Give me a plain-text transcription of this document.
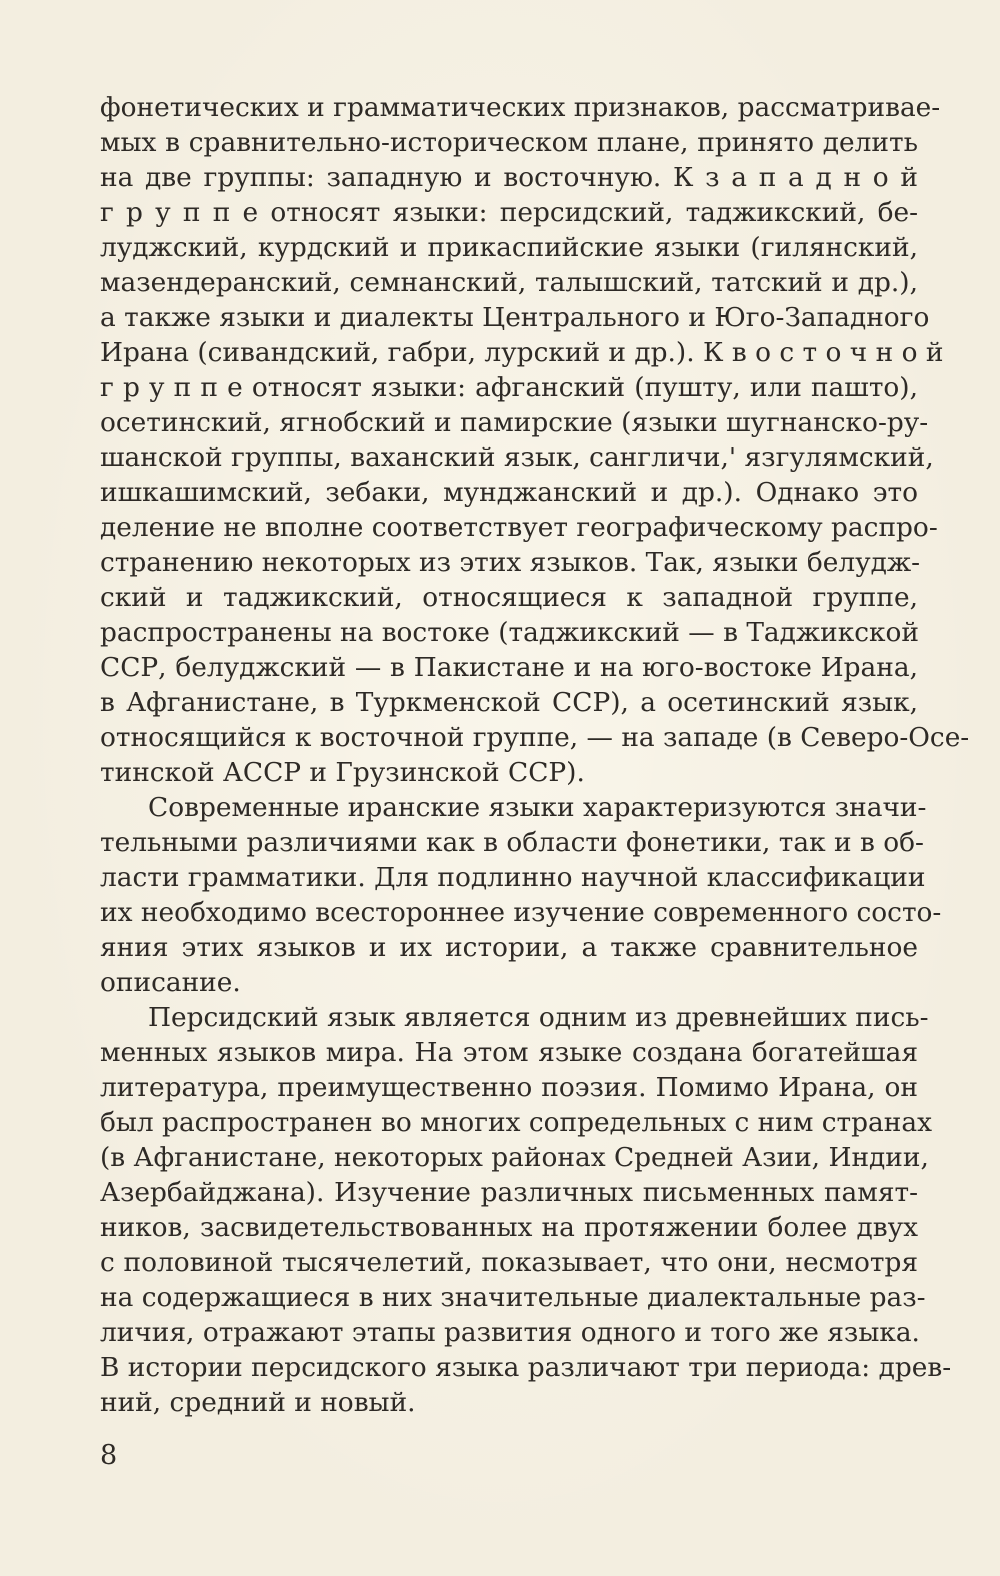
фонетических и грамматических признаков, рассматривае-
мых в сравнительно-историческом плане, принято делить
на две группы: западную и восточную. К з а п а д н о й
г р у п п е относят языки: персидский, таджикский, бе-
луджский, курдский и прикаспийские языки (гилянский,
мазендеранский, семнанский, талышский, татский и др.),
а также языки и диалекты Центрального и Юго-Западного
Ирана (сивандский, габри, лурский и др.). К в о с т о ч н о й
г р у п п е относят языки: афганский (пушту, или пашто),
осетинский, ягнобский и памирские (языки шугнанско-ру-
шанской группы, ваханский язык, сангличи,' язгулямский,
ишкашимский, зебаки, мунджанский и др.). Однако это
деление не вполне соответствует географическому распро-
странению некоторых из этих языков. Так, языки белудж-
ский и таджикский, относящиеся к западной группе,
распространены на востоке (таджикский — в Таджикской
ССР, белуджский — в Пакистане и на юго-востоке Ирана,
в Афганистане, в Туркменской ССР), а осетинский язык,
относящийся к восточной группе, — на западе (в Северо-Осе-
тинской АССР и Грузинской ССР).
Современные иранские языки характеризуются значи-
тельными различиями как в области фонетики, так и в об-
ласти грамматики. Для подлинно научной классификации
их необходимо всестороннее изучение современного состо-
яния этих языков и их истории, а также сравнительное
описание.
Персидский язык является одним из древнейших пись-
менных языков мира. На этом языке создана богатейшая
литература, преимущественно поэзия. Помимо Ирана, он
был распространен во многих сопредельных с ним странах
(в Афганистане, некоторых районах Средней Азии, Индии,
Азербайджана). Изучение различных письменных памят-
ников, засвидетельствованных на протяжении более двух
с половиной тысячелетий, показывает, что они, несмотря
на содержащиеся в них значительные диалектальные раз-
личия, отражают этапы развития одного и того же языка.
В истории персидского языка различают три периода: древ-
ний, средний и новый.
8
